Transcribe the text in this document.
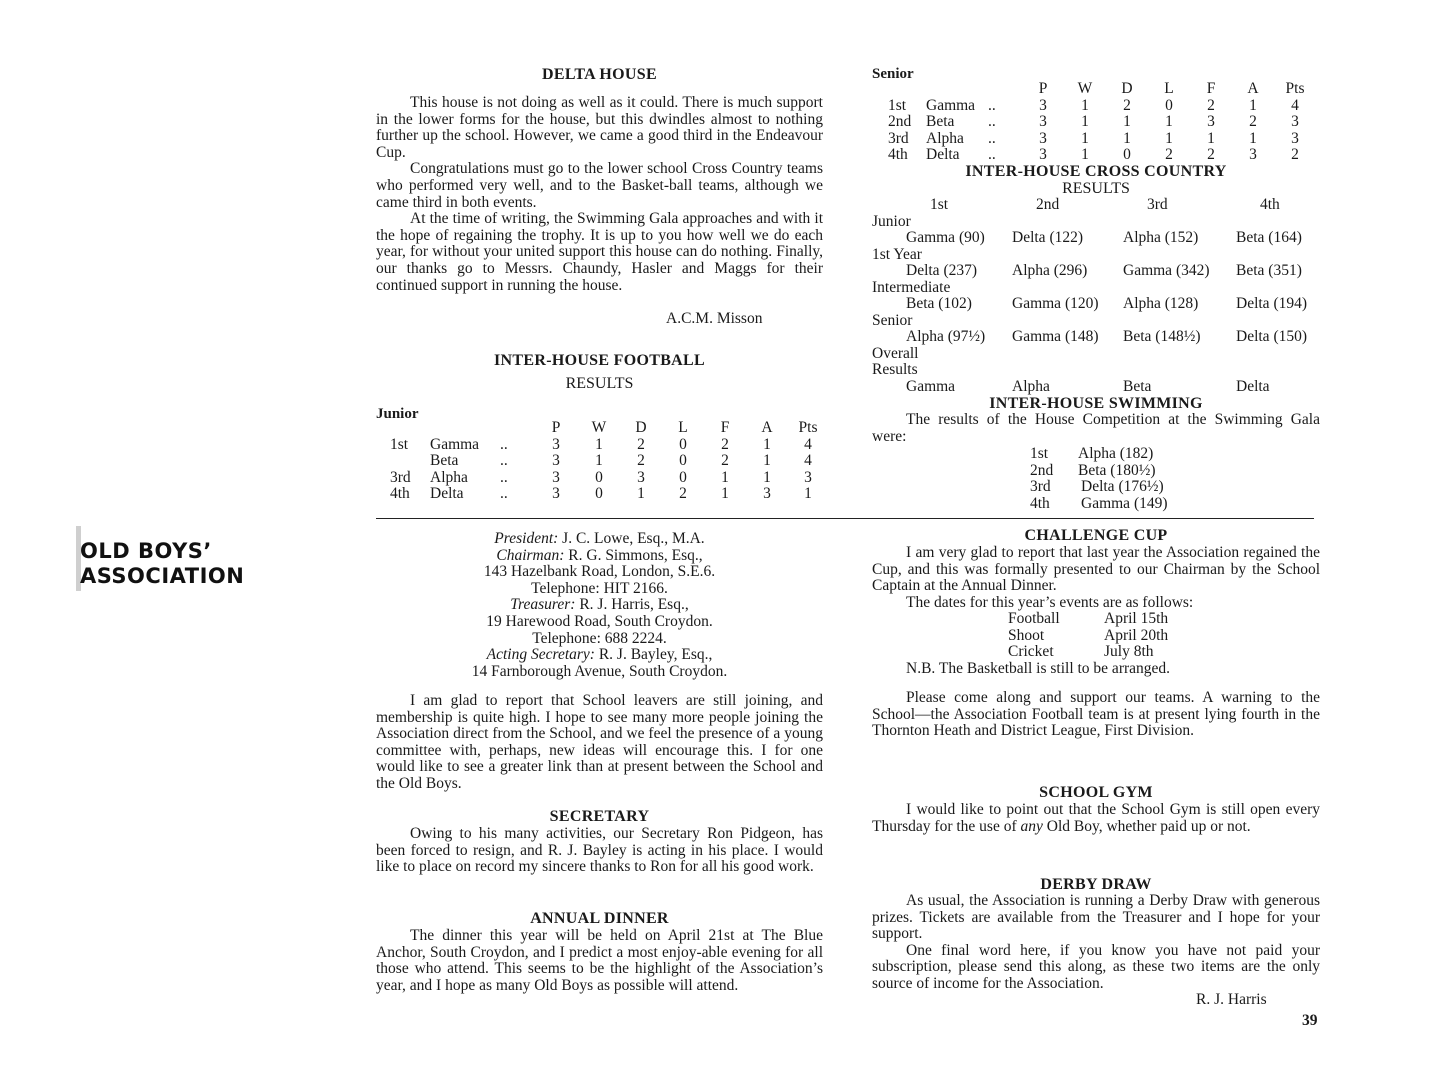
DELTA HOUSE

This house is not doing as well as it could. There is much support in the lower forms for the house, but this dwindles almost to nothing further up the school. However, we came a good third in the Endeavour Cup.

Congratulations must go to the lower school Cross Country teams who performed very well, and to the Basket-ball teams, although we came third in both events.

At the time of writing, the Swimming Gala approaches and with it the hope of regaining the trophy. It is up to you how well we do each year, for without your united support this house can do nothing. Finally, our thanks go to Messrs. Chaundy, Hasler and Maggs for their continued support in running the house.

A.C.M. Misson
INTER-HOUSE FOOTBALL
RESULTS
Junior
			P	W	D	L	F	A	Pts
1st	Gamma	..	3	1	2	0	2	1	4
	Beta	..	3	1	2	0	2	1	4
3rd	Alpha	..	3	0	3	0	1	1	3
4th	Delta	..	3	0	1	2	1	3	1
Senior
			P	W	D	L	F	A	Pts
1st	Gamma	..	3	1	2	0	2	1	4
2nd	Beta	..	3	1	1	1	3	2	3
3rd	Alpha	..	3	1	1	1	1	1	3
4th	Delta	..	3	1	0	2	2	3	2
INTER-HOUSE CROSS COUNTRY
RESULTS
1st	2nd	3rd	4th
Junior
Gamma (90) Delta (122)	Alpha (152) Beta (164)
1st Year
Delta (237) Alpha (296) Gamma (342) Beta (351)
Intermediate
Beta (102)	Gamma (120) Alpha (128) Delta (194)
Senior
Alpha (97½) Gamma (148) Beta (148½) Delta (150)
Overall
Results
Gamma	Alpha	Beta	Delta
INTER-HOUSE SWIMMING

The results of the House Competition at the Swimming Gala were:

1st	Alpha (182)
2nd	Beta (180½)
3rd	Delta (176½)
4th	Gamma (149)
OLD BOYS’
ASSOCIATION
President: J. C. Lowe, Esq., M.A.
Chairman: R. G. Simmons, Esq.,
143 Hazelbank Road, London, S.E.6.
Telephone: HIT 2166.
Treasurer: R. J. Harris, Esq.,
19 Harewood Road, South Croydon.
Telephone: 688 2224.
Acting Secretary: R. J. Bayley, Esq.,
14 Farnborough Avenue, South Croydon.

I am glad to report that School leavers are still joining, and membership is quite high. I hope to see many more people joining the Association direct from the School, and we feel the presence of a young committee with, perhaps, new ideas will encourage this. I for one would like to see a greater link than at present between the School and the Old Boys.

SECRETARY

Owing to his many activities, our Secretary Ron Pidgeon, has been forced to resign, and R. J. Bayley is acting in his place. I would like to place on record my sincere thanks to Ron for all his good work.

ANNUAL DINNER

The dinner this year will be held on April 21st at The Blue Anchor, South Croydon, and I predict a most enjoy-able evening for all those who attend. This seems to be the highlight of the Association’s year, and I hope as many Old Boys as possible will attend.

CHALLENGE CUP

I am very glad to report that last year the Association regained the Cup, and this was formally presented to our Chairman by the School Captain at the Annual Dinner.

The dates for this year’s events are as follows:

Football	April 15th
Shoot	April 20th
Cricket	July 8th
N.B. The Basketball is still to be arranged.

Please come along and support our teams. A warning to the School—the Association Football team is at present lying fourth in the Thornton Heath and District League, First Division.

SCHOOL GYM

I would like to point out that the School Gym is still open every Thursday for the use of any Old Boy, whether paid up or not.

DERBY DRAW

As usual, the Association is running a Derby Draw with generous prizes. Tickets are available from the Treasurer and I hope for your support.

One final word here, if you know you have not paid your subscription, please send this along, as these two items are the only source of income for the Association.

R. J. Harris
39
